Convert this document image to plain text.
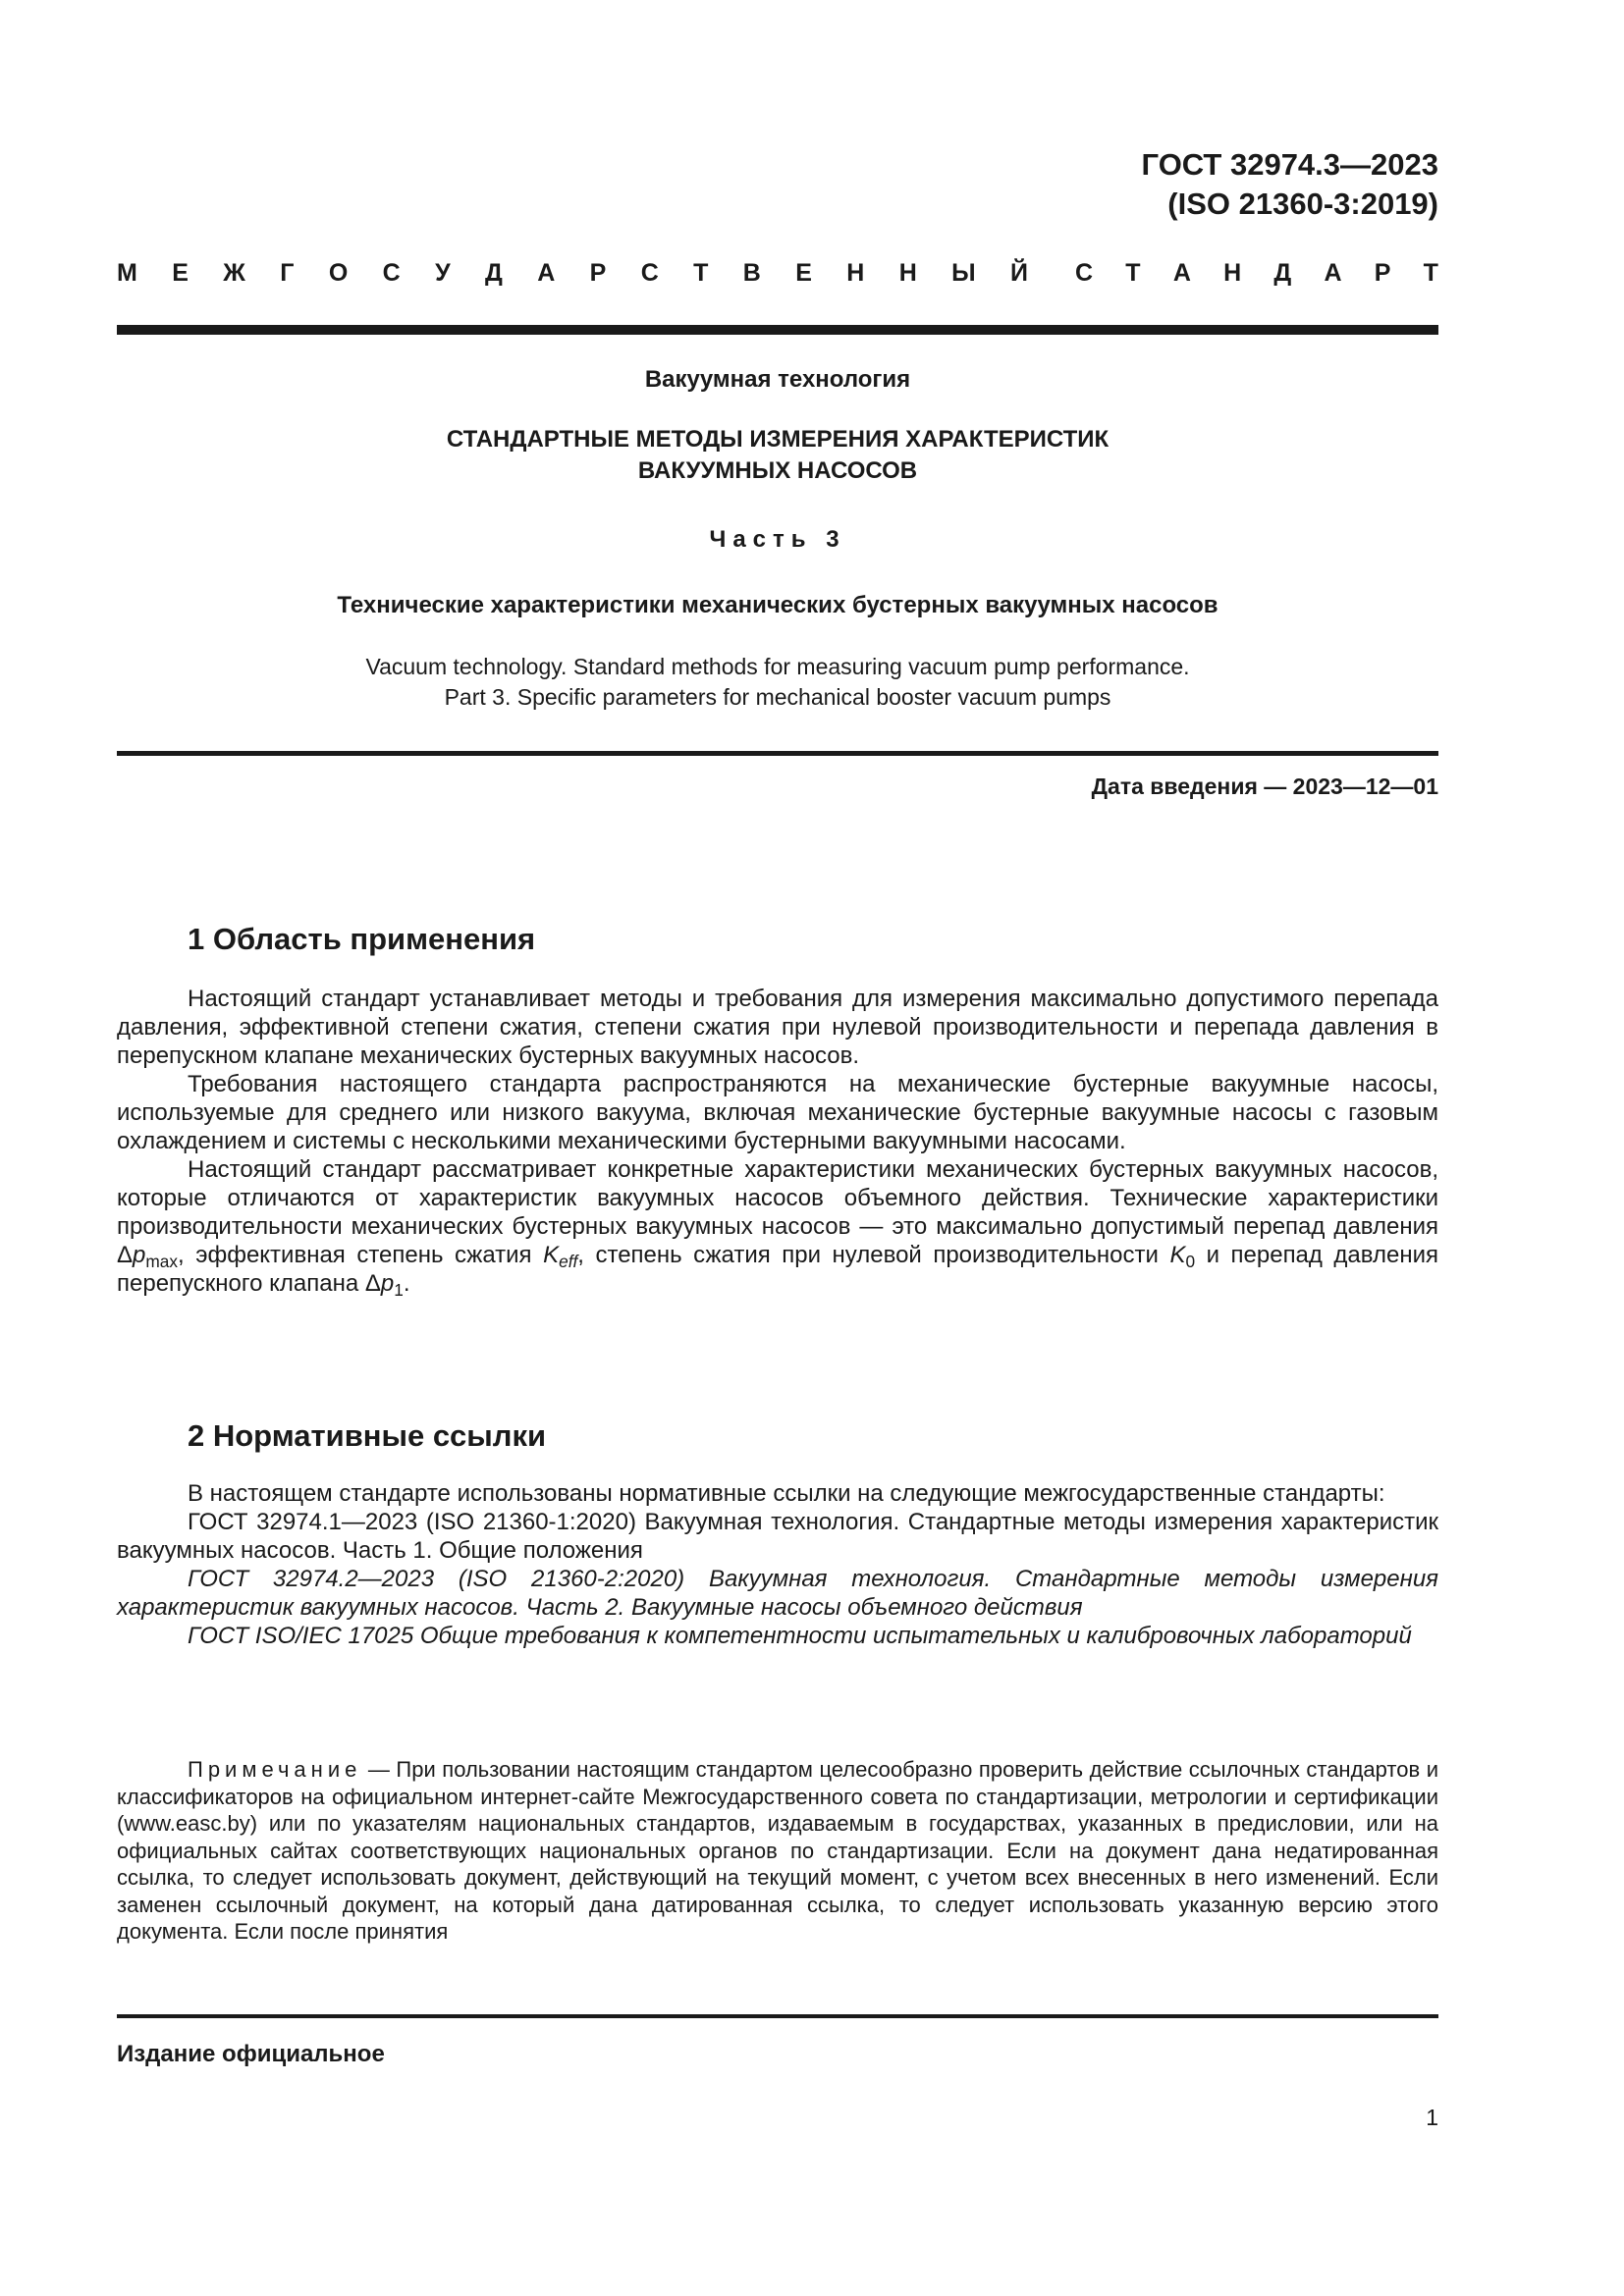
ГОСТ 32974.3—2023
(ISO 21360-3:2019)
М Е Ж Г О С У Д А Р С Т В Е Н Н Ы Й С Т А Н Д А Р Т
Вакуумная технология
СТАНДАРТНЫЕ МЕТОДЫ ИЗМЕРЕНИЯ ХАРАКТЕРИСТИК
ВАКУУМНЫХ НАСОСОВ
Часть 3
Технические характеристики механических бустерных вакуумных насосов
Vacuum technology. Standard methods for measuring vacuum pump performance.
Part 3. Specific parameters for mechanical booster vacuum pumps
Дата введения — 2023—12—01
1 Область применения

Настоящий стандарт устанавливает методы и требования для измерения максимально допустимого перепада давления, эффективной степени сжатия, степени сжатия при нулевой производительности и перепада давления в перепускном клапане механических бустерных вакуумных насосов.

Требования настоящего стандарта распространяются на механические бустерные вакуумные насосы, используемые для среднего или низкого вакуума, включая механические бустерные вакуумные насосы с газовым охлаждением и системы с несколькими механическими бустерными вакуумными насосами.

Настоящий стандарт рассматривает конкретные характеристики механических бустерных вакуумных насосов, которые отличаются от характеристик вакуумных насосов объемного действия. Технические характеристики производительности механических бустерных вакуумных насосов — это максимально допустимый перепад давления $\Delta p_{max}$, эффективная степень сжатия $K_{eff}$, степень сжатия при нулевой производительности $K_0$ и перепад давления перепускного клапана $\Delta p_1$.

2 Нормативные ссылки

В настоящем стандарте использованы нормативные ссылки на следующие межгосударственные стандарты:

ГОСТ 32974.1—2023 (ISO 21360-1:2020) Вакуумная технология. Стандартные методы измерения характеристик вакуумных насосов. Часть 1. Общие положения

ГОСТ 32974.2—2023 (ISO 21360-2:2020) Вакуумная технология. Стандартные методы измерения характеристик вакуумных насосов. Часть 2. Вакуумные насосы объемного действия

ГОСТ ISO/IEC 17025 Общие требования к компетентности испытательных и калибровочных лабораторий

Примечание — При пользовании настоящим стандартом целесообразно проверить действие ссылочных стандартов и классификаторов на официальном интернет-сайте Межгосударственного совета по стандартизации, метрологии и сертификации (www.easc.by) или по указателям национальных стандартов, издаваемым в государствах, указанных в предисловии, или на официальных сайтах соответствующих национальных органов по стандартизации. Если на документ дана недатированная ссылка, то следует использовать документ, действующий на текущий момент, с учетом всех внесенных в него изменений. Если заменен ссылочный документ, на который дана датированная ссылка, то следует использовать указанную версию этого документа. Если после принятия
Издание официальное
1
